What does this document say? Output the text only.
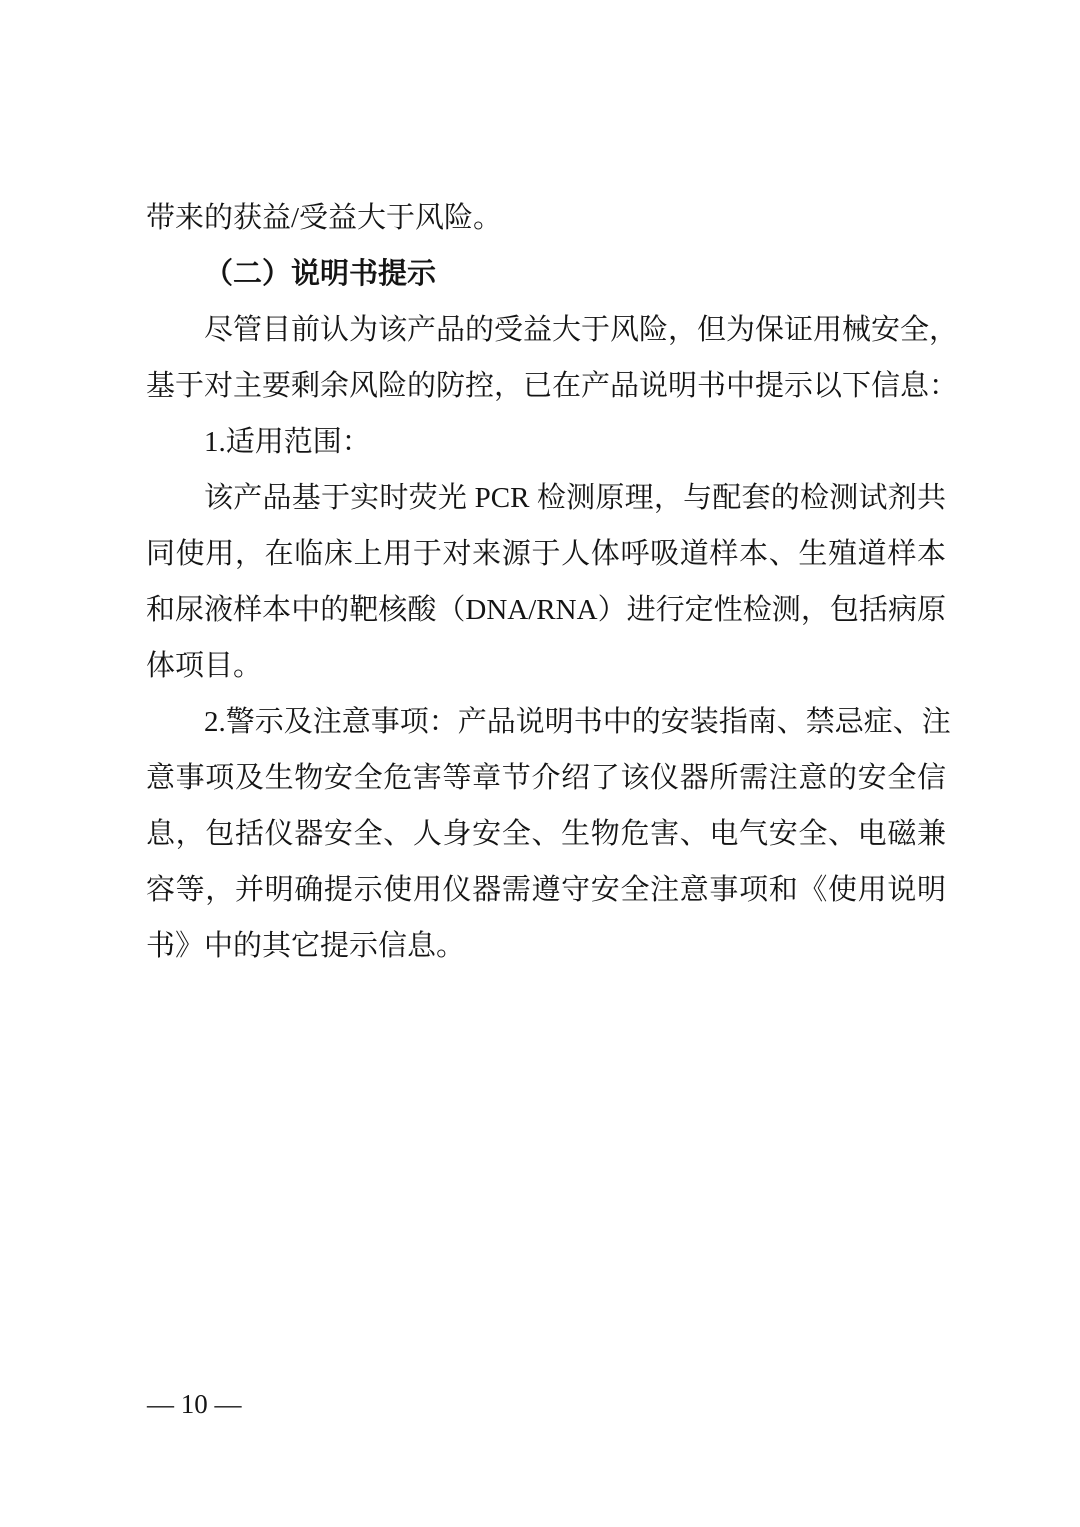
带来的获益/受益大于风险。
（二）说明书提示
尽管目前认为该产品的受益大于风险，但为保证用械安全，
基于对主要剩余风险的防控，已在产品说明书中提示以下信息：
1.适用范围：
该产品基于实时荧光 PCR 检测原理，与配套的检测试剂共
同使用，在临床上用于对来源于人体呼吸道样本、生殖道样本
和尿液样本中的靶核酸（DNA/RNA）进行定性检测，包括病原
体项目。
2.警示及注意事项：产品说明书中的安装指南、禁忌症、注
意事项及生物安全危害等章节介绍了该仪器所需注意的安全信
息，包括仪器安全、人身安全、生物危害、电气安全、电磁兼
容等，并明确提示使用仪器需遵守安全注意事项和《使用说明
书》中的其它提示信息。
— 10 —
